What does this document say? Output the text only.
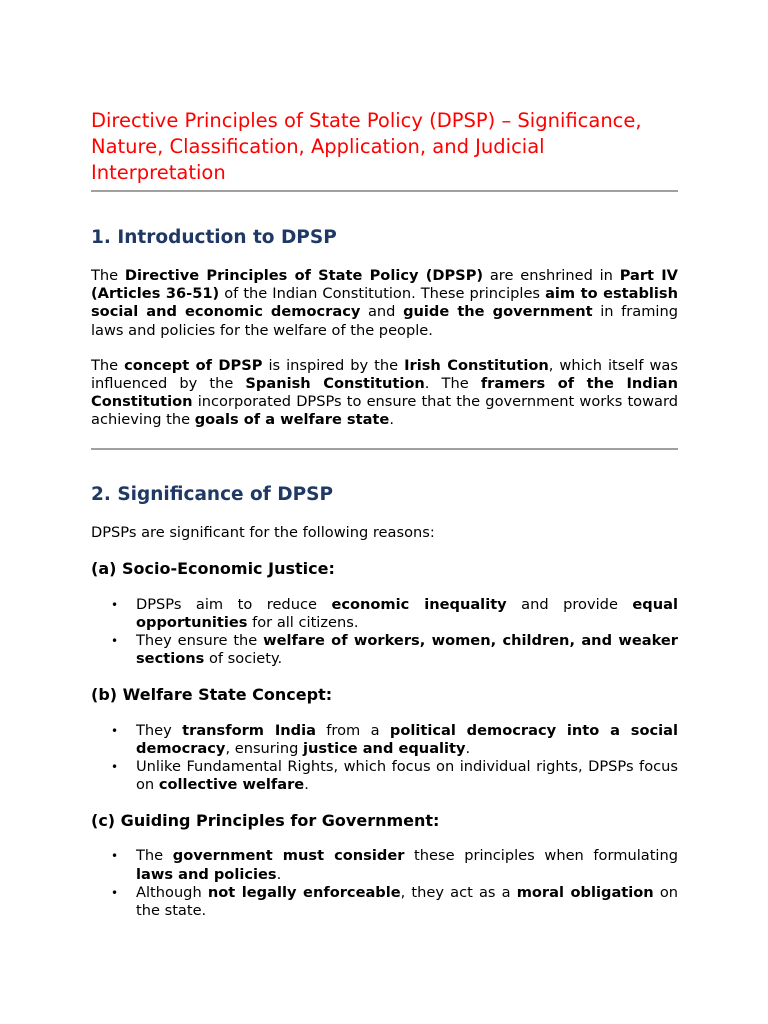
Directive Principles of State Policy (DPSP) – Significance, Nature, Classification, Application, and Judicial Interpretation
1. Introduction to DPSP

The Directive Principles of State Policy (DPSP) are enshrined in Part IV (Articles 36-51) of the Indian Constitution. These principles aim to establish social and economic democracy and guide the government in framing laws and policies for the welfare of the people.

The concept of DPSP is inspired by the Irish Constitution, which itself was influenced by the Spanish Constitution. The framers of the Indian Constitution incorporated DPSPs to ensure that the government works toward achieving the goals of a welfare state.

2. Significance of DPSP

DPSPs are significant for the following reasons:

(a) Socio-Economic Justice:
• DPSPs aim to reduce economic inequality and provide equal opportunities for all citizens.
• They ensure the welfare of workers, women, children, and weaker sections of society.
(b) Welfare State Concept:
• They transform India from a political democracy into a social democracy, ensuring justice and equality.
• Unlike Fundamental Rights, which focus on individual rights, DPSPs focus on collective welfare.
(c) Guiding Principles for Government:
• The government must consider these principles when formulating laws and policies.
• Although not legally enforceable, they act as a moral obligation on the state.
